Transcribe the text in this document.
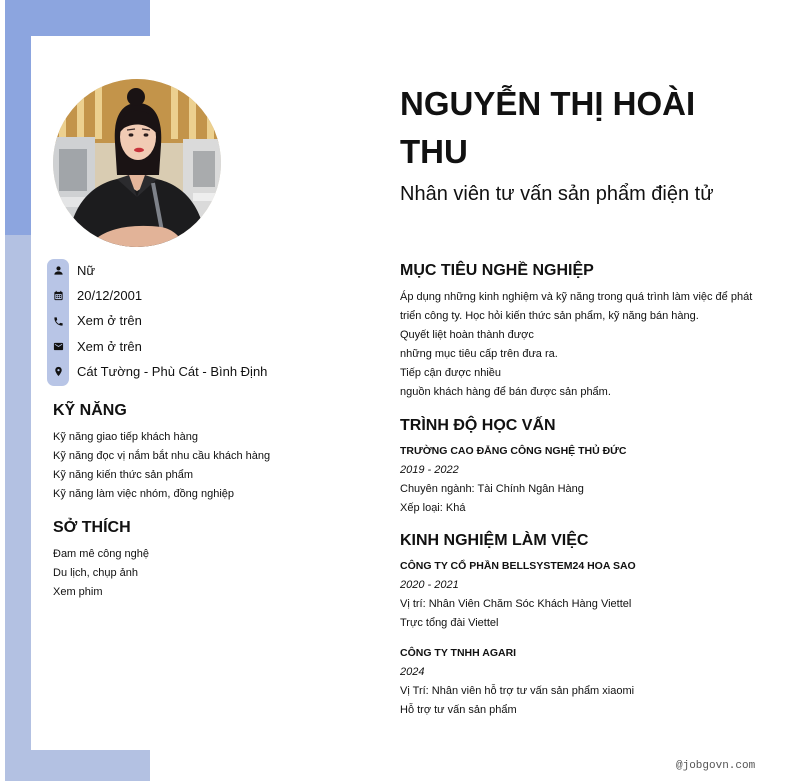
Nữ
20/12/2001
Xem ở trên
Xem ở trên
Cát Tường - Phù Cát - Bình Định
KỸ NĂNG
Kỹ năng giao tiếp khách hàng
Kỹ năng đọc vị nắm bắt nhu cầu khách hàng
Kỹ năng kiến thức sản phẩm
Kỹ năng làm việc nhóm, đồng nghiệp
SỞ THÍCH
Đam mê công nghệ
Du lịch, chụp ảnh
Xem phim
NGUYỄN THỊ HOÀI THU
Nhân viên tư vấn sản phẩm điện tử
MỤC TIÊU NGHỀ NGHIỆP
Áp dụng những kinh nghiệm và kỹ năng trong quá trình làm việc để phát
triển công ty. Học hỏi kiến thức sản phẩm, kỹ năng bán hàng.
Quyết liệt hoàn thành được
những mục tiêu cấp trên đưa ra.
Tiếp cận được nhiều
nguồn khách hàng để bán được sản phẩm.
TRÌNH ĐỘ HỌC VẤN
TRƯỜNG CAO ĐẲNG CÔNG NGHỆ THỦ ĐỨC
2019 - 2022
Chuyên ngành: Tài Chính Ngân Hàng
Xếp loại: Khá
KINH NGHIỆM LÀM VIỆC
CÔNG TY CỔ PHẦN BELLSYSTEM24 HOA SAO
2020 - 2021
Vị trí: Nhân Viên Chăm Sóc Khách Hàng Viettel
Trực tổng đài Viettel
CÔNG TY TNHH AGARI
2024
Vị Trí: Nhân viên hỗ trợ tư vấn sản phẩm xiaomi
Hỗ trợ tư vấn sản phẩm
@jobgovn.com
